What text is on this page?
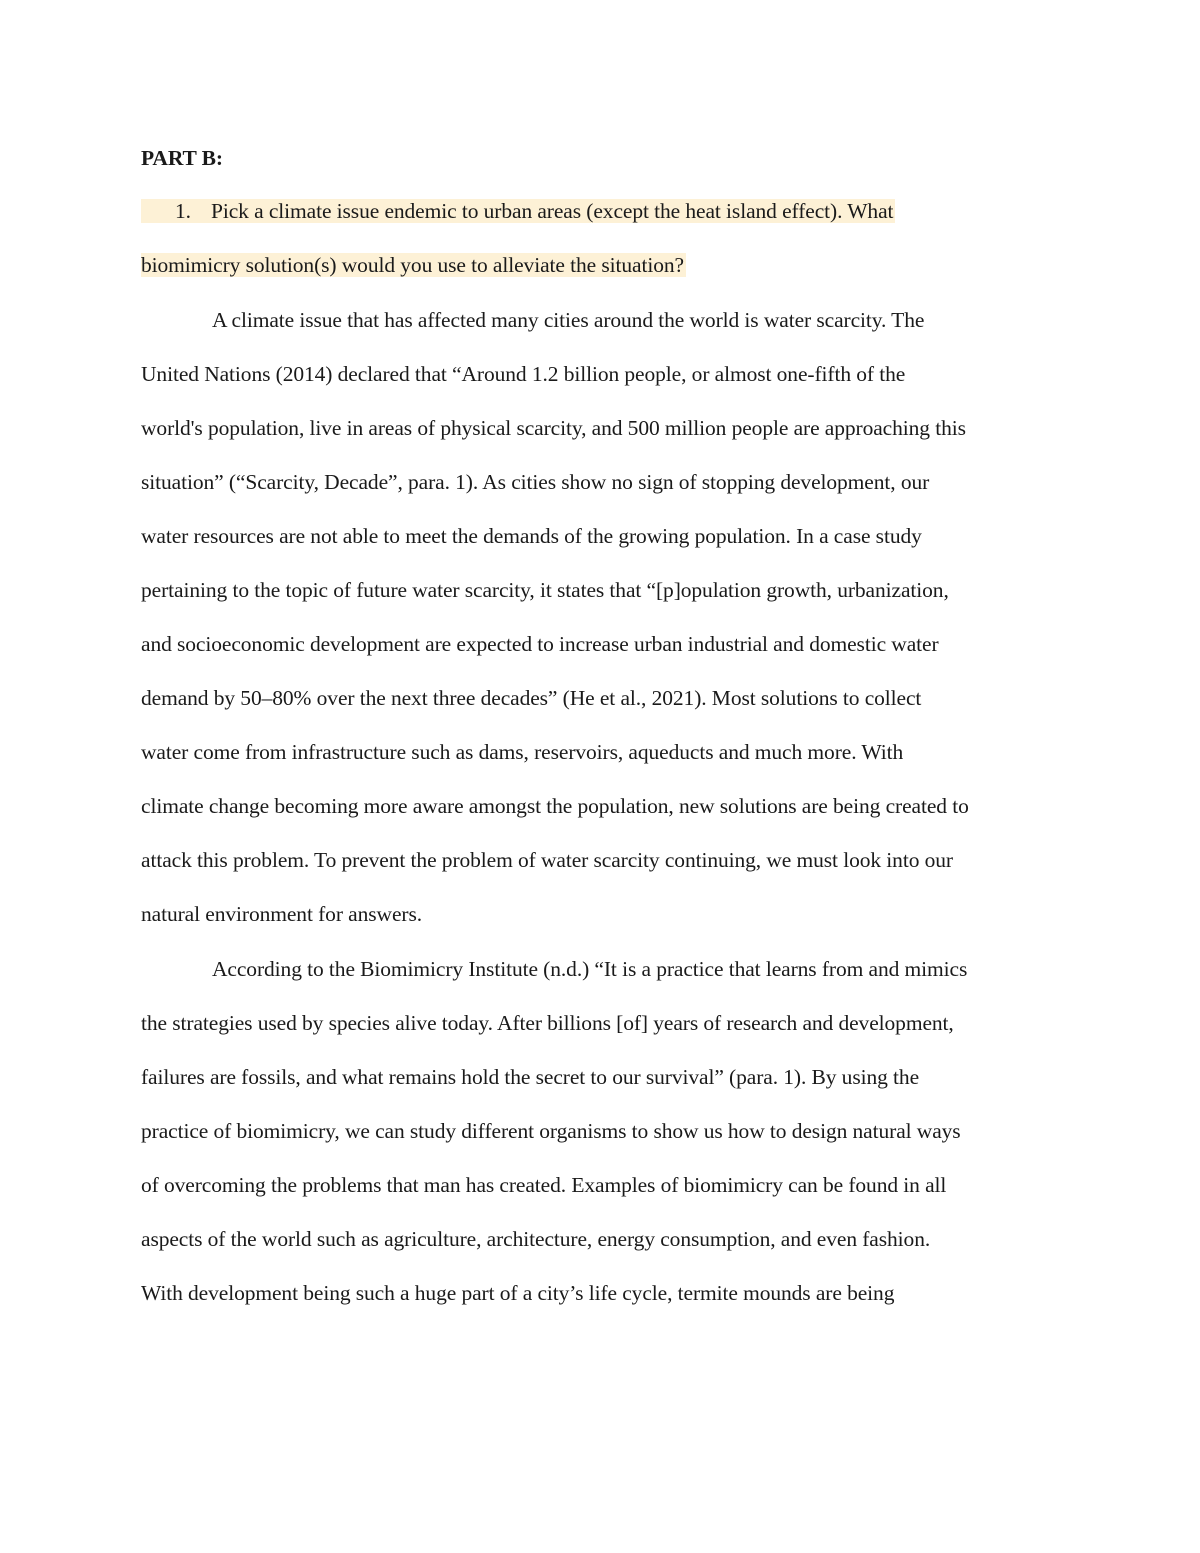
PART B:
1. Pick a climate issue endemic to urban areas (except the heat island effect). What
biomimicry solution(s) would you use to alleviate the situation?
A climate issue that has affected many cities around the world is water scarcity. The
United Nations (2014) declared that “Around 1.2 billion people, or almost one-fifth of the
world's population, live in areas of physical scarcity, and 500 million people are approaching this
situation” (“Scarcity, Decade”, para. 1). As cities show no sign of stopping development, our
water resources are not able to meet the demands of the growing population. In a case study
pertaining to the topic of future water scarcity, it states that “[p]opulation growth, urbanization,
and socioeconomic development are expected to increase urban industrial and domestic water
demand by 50–80% over the next three decades” (He et al., 2021). Most solutions to collect
water come from infrastructure such as dams, reservoirs, aqueducts and much more. With
climate change becoming more aware amongst the population, new solutions are being created to
attack this problem. To prevent the problem of water scarcity continuing, we must look into our
natural environment for answers.
According to the Biomimicry Institute (n.d.) “It is a practice that learns from and mimics
the strategies used by species alive today. After billions [of] years of research and development,
failures are fossils, and what remains hold the secret to our survival” (para. 1). By using the
practice of biomimicry, we can study different organisms to show us how to design natural ways
of overcoming the problems that man has created. Examples of biomimicry can be found in all
aspects of the world such as agriculture, architecture, energy consumption, and even fashion.
With development being such a huge part of a city’s life cycle, termite mounds are being
